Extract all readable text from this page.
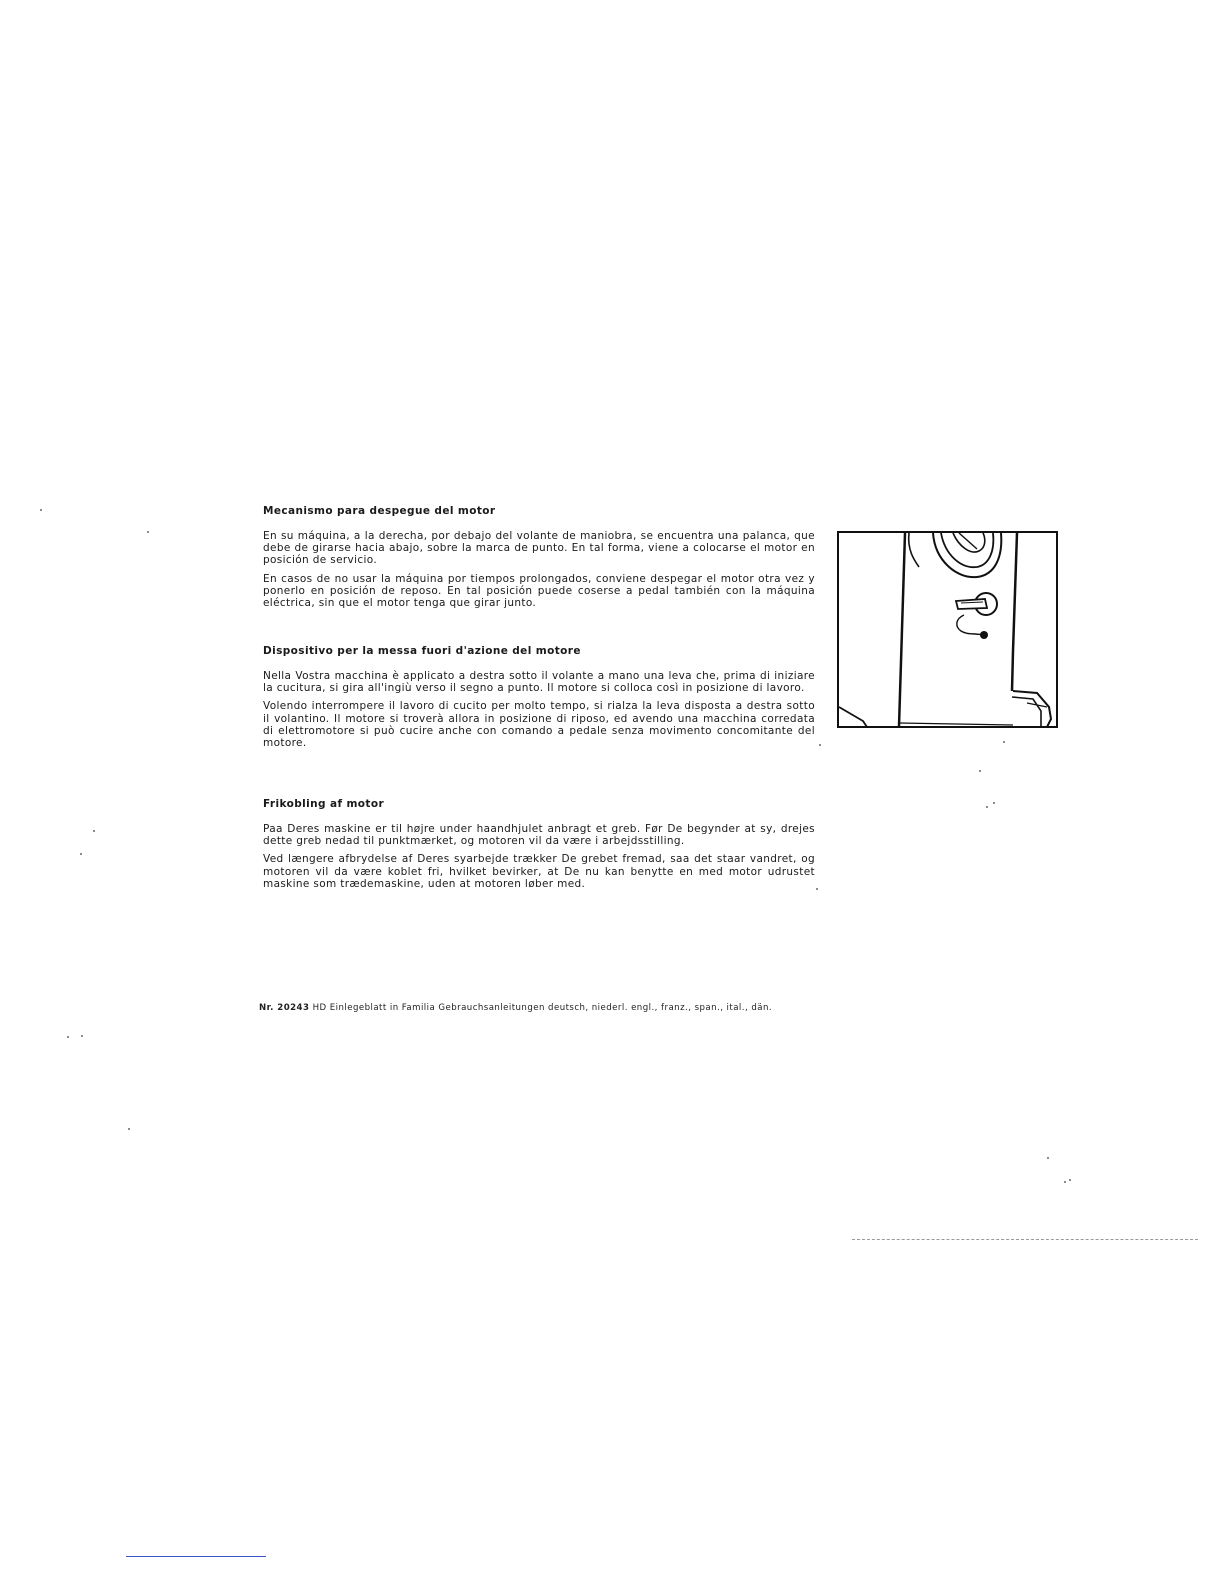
Mecanismo para despegue del motor

En su máquina, a la derecha, por debajo del volante de maniobra, se encuentra una palanca, que debe de girarse hacia abajo, sobre la marca de punto. En tal forma, viene a colocarse el motor en posición de servicio.

En casos de no usar la máquina por tiempos prolongados, conviene despegar el motor otra vez y ponerlo en posición de reposo. En tal posición puede coserse a pedal también con la máquina eléctrica, sin que el motor tenga que girar junto.

Dispositivo per la messa fuori d'azione del motore

Nella Vostra macchina è applicato a destra sotto il volante a mano una leva che, prima di iniziare la cucitura, si gira all'ingiù verso il segno a punto. Il motore si colloca così in posizione di lavoro.

Volendo interrompere il lavoro di cucito per molto tempo, si rialza la leva disposta a destra sotto il volantino. Il motore si troverà allora in posizione di riposo, ed avendo una macchina corredata di elettromotore si può cucire anche con comando a pedale senza movimento concomitante del motore.

Frikobling af motor

Paa Deres maskine er til højre under haandhjulet anbragt et greb. Før De begynder at sy, drejes dette greb nedad til punktmærket, og motoren vil da være i arbejdsstilling.

Ved længere afbrydelse af Deres syarbejde trækker De grebet fremad, saa det staar vandret, og motoren vil da være koblet fri, hvilket bevirker, at De nu kan benytte en med motor udrustet maskine som trædemaskine, uden at motoren løber med.

Nr. 20243 HD Einlegeblatt in Familia Gebrauchsanleitungen deutsch, niederl. engl., franz., span., ital., dän.
